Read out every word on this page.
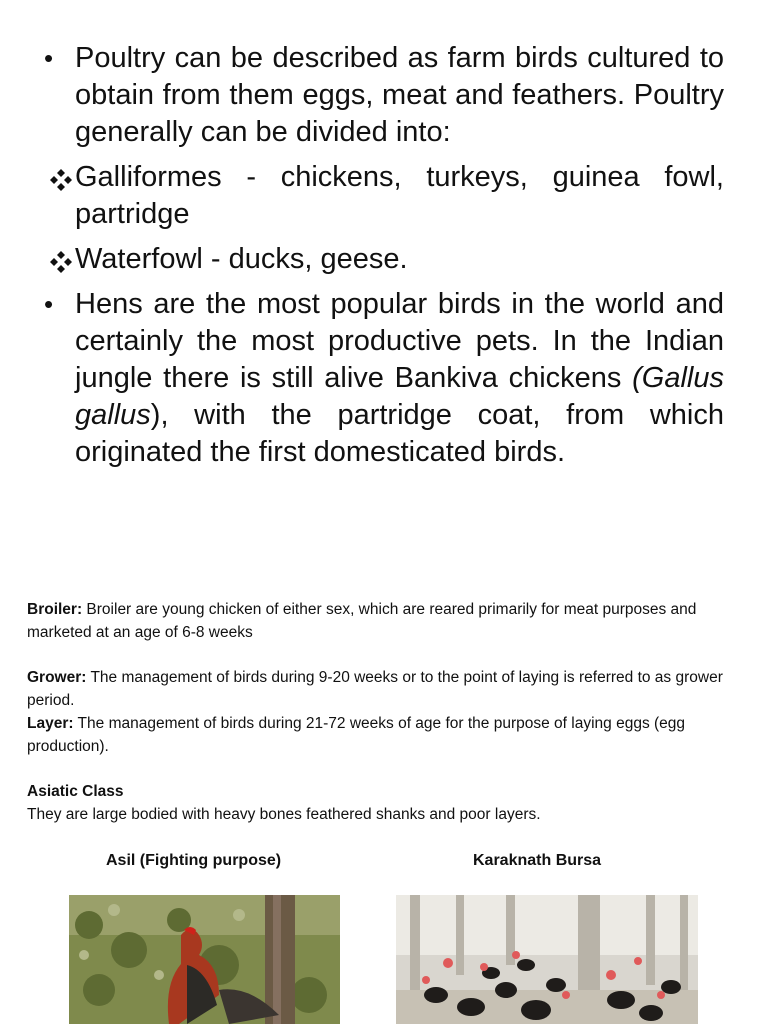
• Poultry can be described as farm birds cultured to obtain from them eggs, meat and feathers. Poultry generally can be divided into:
Galliformes - chickens, turkeys, guinea fowl, partridge
Waterfowl - ducks, geese.
• Hens are the most popular birds in the world and certainly the most productive pets. In the Indian jungle there is still alive Bankiva chickens (Gallus gallus), with the partridge coat, from which originated the first domesticated birds.

Broiler: Broiler are young chicken of either sex, which are reared primarily for meat purposes and marketed at an age of 6-8 weeks

Grower: The management of birds during 9-20 weeks or to the point of laying is referred to as grower period.

Layer: The management of birds during 21-72 weeks of age for the purpose of laying eggs (egg production).

Asiatic Class

They are large bodied with heavy bones feathered shanks and poor layers.

Asil (Fighting purpose)	Karaknath Bursa
